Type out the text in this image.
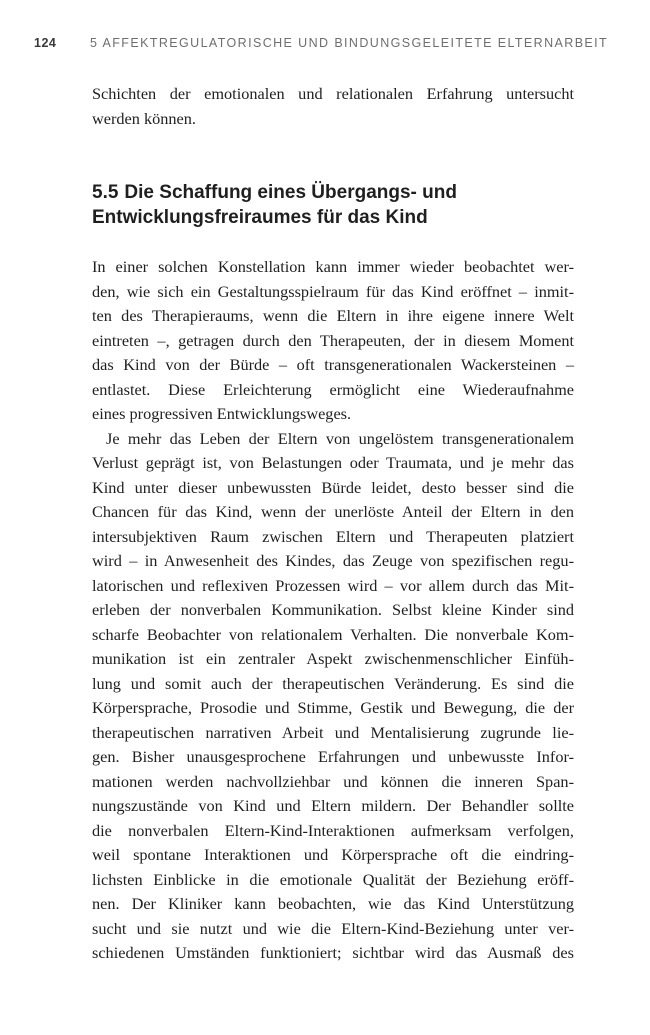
124	5 AFFEKTREGULATORISCHE UND BINDUNGSGELEITETE ELTERNARBEIT
Schichten der emotionalen und relationalen Erfahrung untersucht
werden können.
5.5 Die Schaffung eines Übergangs- und
Entwicklungsfreiraumes für das Kind
In einer solchen Konstellation kann immer wieder beobachtet wer-
den, wie sich ein Gestaltungsspielraum für das Kind eröffnet – inmit-
ten des Therapieraums, wenn die Eltern in ihre eigene innere Welt
eintreten –, getragen durch den Therapeuten, der in diesem Moment
das Kind von der Bürde – oft transgenerationalen Wackersteinen –
entlastet. Diese Erleichterung ermöglicht eine Wiederaufnahme
eines progressiven Entwicklungsweges.
Je mehr das Leben der Eltern von ungelöstem transgenerationalem
Verlust geprägt ist, von Belastungen oder Traumata, und je mehr das
Kind unter dieser unbewussten Bürde leidet, desto besser sind die
Chancen für das Kind, wenn der unerlöste Anteil der Eltern in den
intersubjektiven Raum zwischen Eltern und Therapeuten platziert
wird – in Anwesenheit des Kindes, das Zeuge von spezifischen regu-
latorischen und reflexiven Prozessen wird – vor allem durch das Mit-
erleben der nonverbalen Kommunikation. Selbst kleine Kinder sind
scharfe Beobachter von relationalem Verhalten. Die nonverbale Kom-
munikation ist ein zentraler Aspekt zwischenmenschlicher Einfüh-
lung und somit auch der therapeutischen Veränderung. Es sind die
Körpersprache, Prosodie und Stimme, Gestik und Bewegung, die der
therapeutischen narrativen Arbeit und Mentalisierung zugrunde lie-
gen. Bisher unausgesprochene Erfahrungen und unbewusste Infor-
mationen werden nachvollziehbar und können die inneren Span-
nungszustände von Kind und Eltern mildern. Der Behandler sollte
die nonverbalen Eltern-Kind-Interaktionen aufmerksam verfolgen,
weil spontane Interaktionen und Körpersprache oft die eindring-
lichsten Einblicke in die emotionale Qualität der Beziehung eröff-
nen. Der Kliniker kann beobachten, wie das Kind Unterstützung
sucht und sie nutzt und wie die Eltern-Kind-Beziehung unter ver-
schiedenen Umständen funktioniert; sichtbar wird das Ausmaß des
